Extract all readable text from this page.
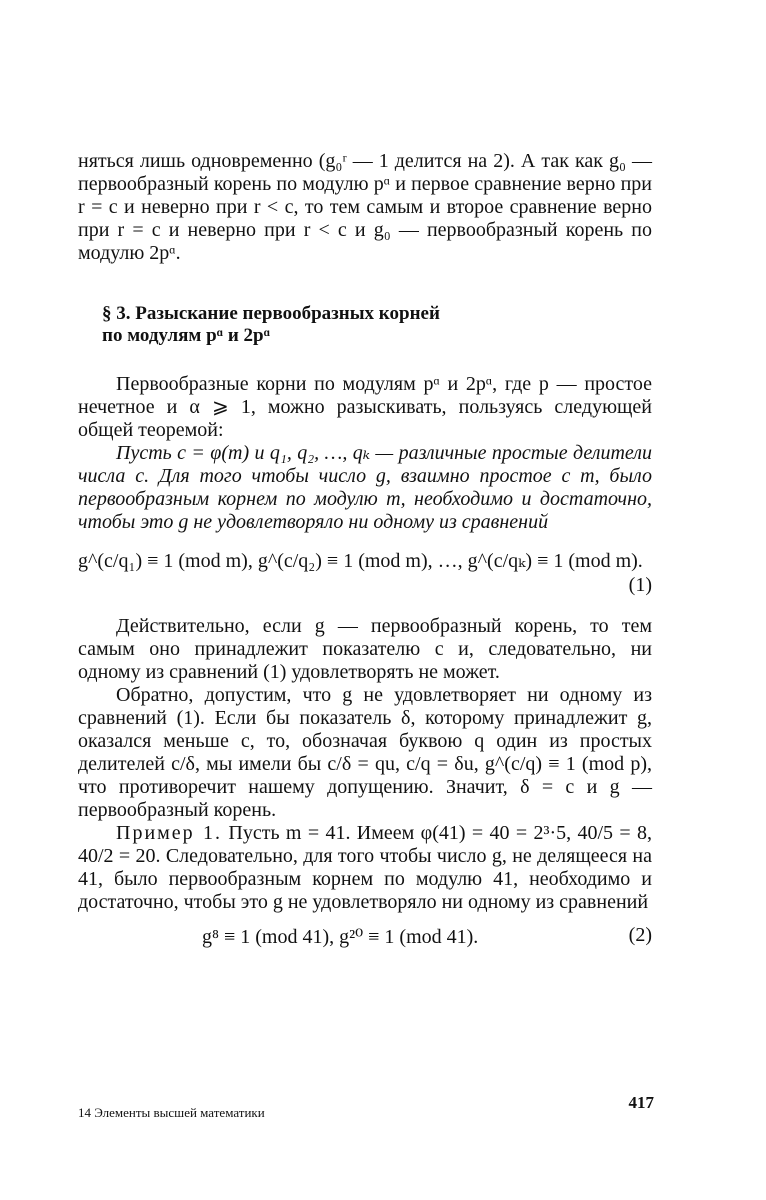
няться лишь одновременно (g₀ʳ — 1 делится на 2). А так как g₀ — первообразный корень по модулю pᵅ и первое сравнение верно при r = c и неверно при r < c, то тем самым и второе сравнение верно при r = c и неверно при r < c и g₀ — первообразный корень по модулю 2pᵅ.

§ 3. Разыскание первообразных корней
по модулям pᵅ и 2pᵅ

Первообразные корни по модулям pᵅ и 2pᵅ, где p — простое нечетное и α ⩾ 1, можно разыскивать, пользуясь следующей общей теоремой:

Пусть c = φ(m) и q₁, q₂, …, qₖ — различные простые делители числа c. Для того чтобы число g, взаимно простое с m, было первообразным корнем по модулю m, необходимо и достаточно, чтобы это g не удовлетворяло ни одному из сравнений

g^(c/q₁) ≡ 1 (mod m), g^(c/q₂) ≡ 1 (mod m), …, g^(c/qₖ) ≡ 1 (mod m).
(1)

Действительно, если g — первообразный корень, то тем самым оно принадлежит показателю c и, следовательно, ни одному из сравнений (1) удовлетворять не может.

Обратно, допустим, что g не удовлетворяет ни одному из сравнений (1). Если бы показатель δ, которому принадлежит g, оказался меньше c, то, обозначая буквою q один из простых делителей c/δ, мы имели бы c/δ = qu, c/q = δu, g^(c/q) ≡ 1 (mod p), что противоречит нашему допущению. Значит, δ = c и g — первообразный корень.

Пример 1. Пусть m = 41. Имеем φ(41) = 40 = 2³·5, 40/5 = 8, 40/2 = 20. Следовательно, для того чтобы число g, не делящееся на 41, было первообразным корнем по модулю 41, необходимо и достаточно, чтобы это g не удовлетворяло ни одному из сравнений

g⁸ ≡ 1 (mod 41), g²⁰ ≡ 1 (mod 41).	(2)
14 Элементы высшей математики
417
